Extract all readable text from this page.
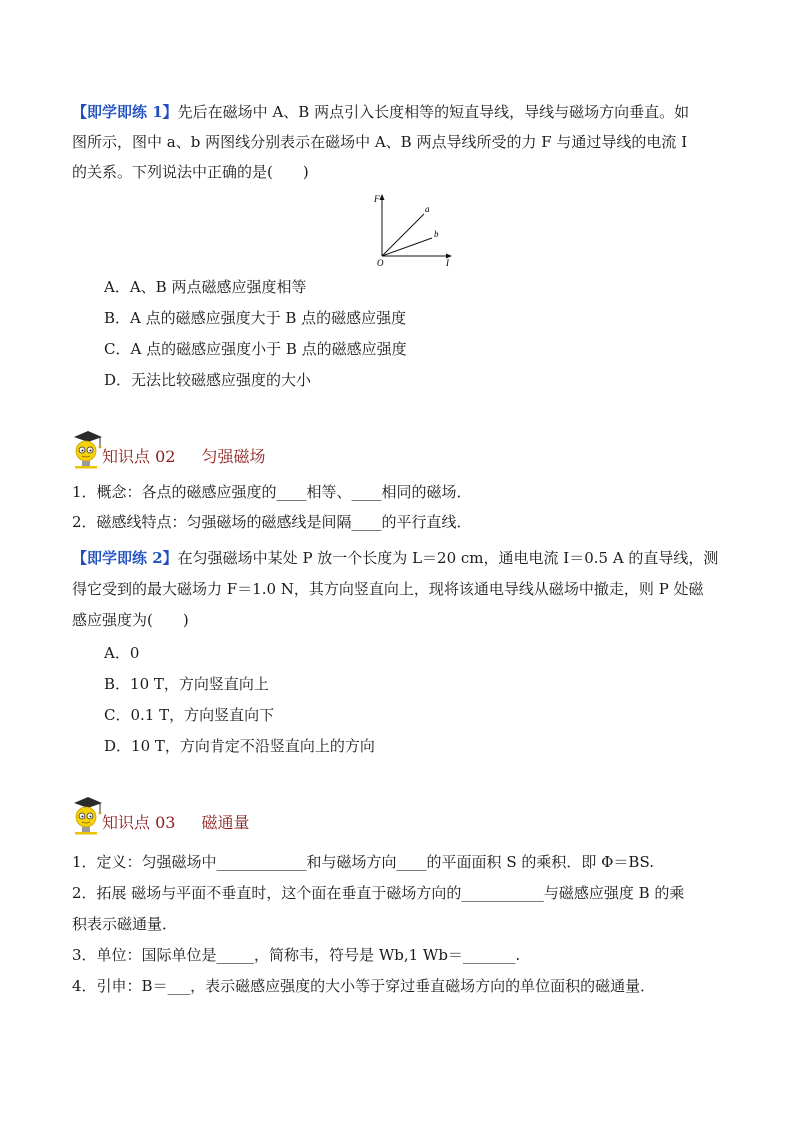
【即学即练 1】先后在磁场中 A、B 两点引入长度相等的短直导线，导线与磁场方向垂直。如
图所示，图中 a、b 两图线分别表示在磁场中 A、B 两点导线所受的力 F 与通过导线的电流 I
的关系。下列说法中正确的是(　　)
F
I
O
a
b
A．A、B 两点磁感应强度相等
B．A 点的磁感应强度大于 B 点的磁感应强度
C．A 点的磁感应强度小于 B 点的磁感应强度
D．无法比较磁感应强度的大小
知识点 02 匀强磁场
1．概念：各点的磁感应强度的____相等、____相同的磁场．
2．磁感线特点：匀强磁场的磁感线是间隔____的平行直线．
【即学即练 2】在匀强磁场中某处 P 放一个长度为 L＝20 cm，通电电流 I＝0.5 A 的直导线，测
得它受到的最大磁场力 F＝1.0 N，其方向竖直向上，现将该通电导线从磁场中撤走，则 P 处磁
感应强度为(　　)
A．0
B．10 T，方向竖直向上
C．0.1 T，方向竖直向下
D．10 T，方向肯定不沿竖直向上的方向
知识点 03 磁通量
1．定义：匀强磁场中____________和与磁场方向____的平面面积 S 的乘积．即 Φ＝BS.
2．拓展 磁场与平面不垂直时，这个面在垂直于磁场方向的___________与磁感应强度 B 的乘
积表示磁通量．
3．单位：国际单位是_____，简称韦，符号是 Wb,1 Wb＝_______.
4．引申：B＝___，表示磁感应强度的大小等于穿过垂直磁场方向的单位面积的磁通量．
